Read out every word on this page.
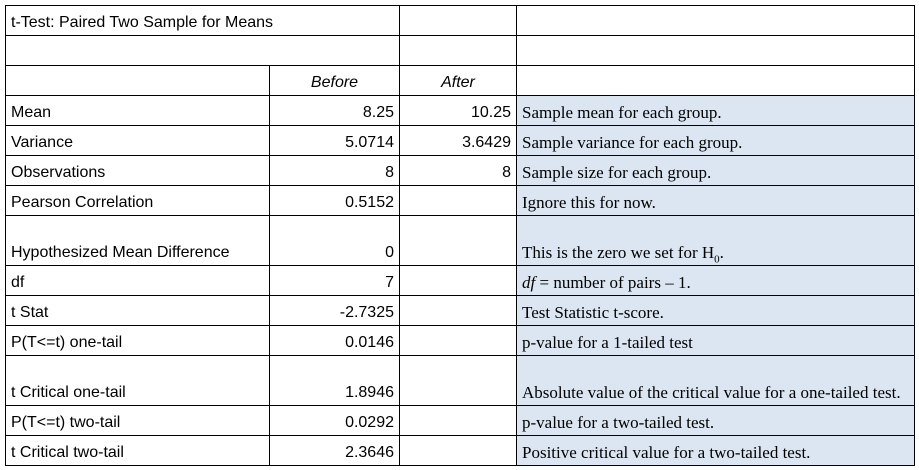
t-Test: Paired Two Sample for Means			

	Before	After	
Mean	8.25	10.25	Sample mean for each group.
Variance	5.0714	3.6429	Sample variance for each group.
Observations	8	8	Sample size for each group.
Pearson Correlation	0.5152		Ignore this for now.
Hypothesized Mean Difference	0		This is the zero we set for $H_0$.
df	7		df = number of pairs – 1.
t Stat	-2.7325		Test Statistic t-score.
P(T<=t) one-tail	0.0146		p-value for a 1-tailed test
t Critical one-tail	1.8946		Absolute value of the critical value for a one-tailed test.
P(T<=t) two-tail	0.0292		p-value for a two-tailed test.
t Critical two-tail	2.3646		Positive critical value for a two-tailed test.
